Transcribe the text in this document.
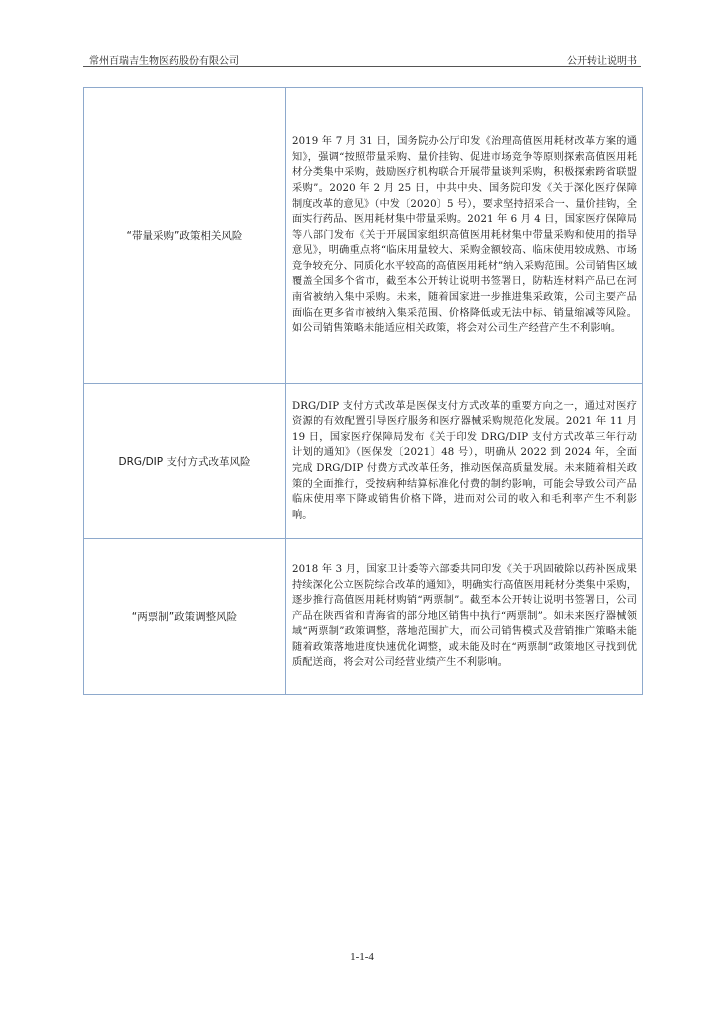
常州百瑞吉生物医药股份有限公司	公开转让说明书
“带量采购”政策相关风险	2019 年 7 月 31 日，国务院办公厅印发《治理高值医用耗材改革方案的通知》，强调“按照带量采购、量价挂钩、促进市场竞争等原则探索高值医用耗材分类集中采购，鼓励医疗机构联合开展带量谈判采购，积极探索跨省联盟采购”。2020 年 2 月 25 日，中共中央、国务院印发《关于深化医疗保障制度改革的意见》（中发〔2020〕5 号），要求坚持招采合一、量价挂钩，全面实行药品、医用耗材集中带量采购。2021 年 6 月 4 日，国家医疗保障局等八部门发布《关于开展国家组织高值医用耗材集中带量采购和使用的指导意见》，明确重点将“临床用量较大、采购金额较高、临床使用较成熟、市场竞争较充分、同质化水平较高的高值医用耗材”纳入采购范围。公司销售区域覆盖全国多个省市，截至本公开转让说明书签署日，防粘连材料产品已在河南省被纳入集中采购。未来，随着国家进一步推进集采政策，公司主要产品面临在更多省市被纳入集采范围、价格降低或无法中标、销量缩减等风险。如公司销售策略未能适应相关政策，将会对公司生产经营产生不利影响。
DRG/DIP 支付方式改革风险	DRG/DIP 支付方式改革是医保支付方式改革的重要方向之一，通过对医疗资源的有效配置引导医疗服务和医疗器械采购规范化发展。2021 年 11 月 19 日，国家医疗保障局发布《关于印发 DRG/DIP 支付方式改革三年行动计划的通知》（医保发〔2021〕48 号），明确从 2022 到 2024 年，全面完成 DRG/DIP 付费方式改革任务，推动医保高质量发展。未来随着相关政策的全面推行，受按病种结算标准化付费的制约影响，可能会导致公司产品临床使用率下降或销售价格下降，进而对公司的收入和毛利率产生不利影响。
“两票制”政策调整风险	2018 年 3 月，国家卫计委等六部委共同印发《关于巩固破除以药补医成果持续深化公立医院综合改革的通知》，明确实行高值医用耗材分类集中采购，逐步推行高值医用耗材购销“两票制”。截至本公开转让说明书签署日，公司产品在陕西省和青海省的部分地区销售中执行“两票制”。如未来医疗器械领域“两票制”政策调整，落地范围扩大，而公司销售模式及营销推广策略未能随着政策落地进度快速优化调整，或未能及时在“两票制”政策地区寻找到优质配送商，将会对公司经营业绩产生不利影响。
1-1-4
